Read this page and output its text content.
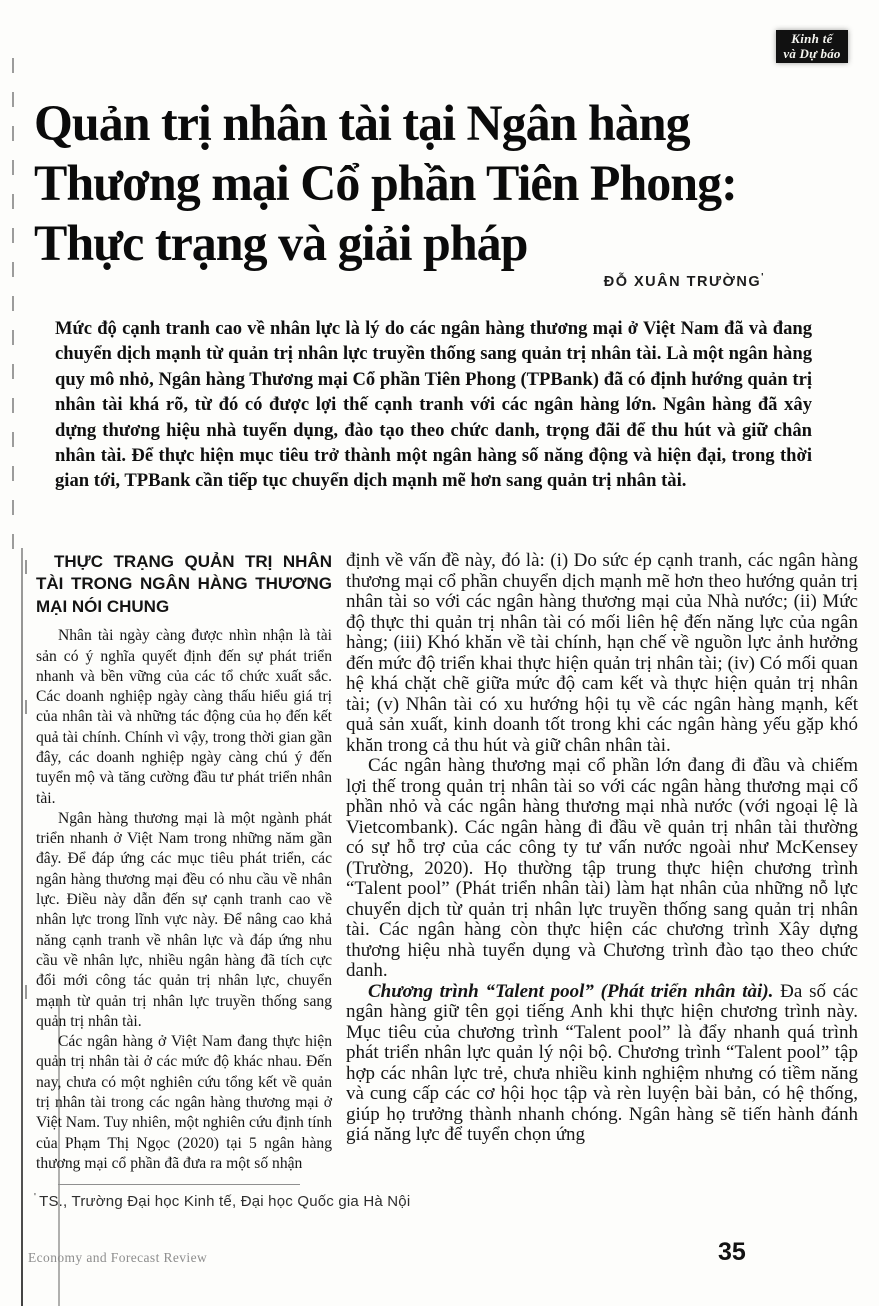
Kinh tế
và Dự báo
Quản trị nhân tài tại Ngân hàng
Thương mại Cổ phần Tiên Phong:
Thực trạng và giải pháp
ĐỖ XUÂN TRƯỜNG'

Mức độ cạnh tranh cao về nhân lực là lý do các ngân hàng thương mại ở Việt Nam đã và đang chuyển dịch mạnh từ quản trị nhân lực truyền thống sang quản trị nhân tài. Là một ngân hàng quy mô nhỏ, Ngân hàng Thương mại Cổ phần Tiên Phong (TPBank) đã có định hướng quản trị nhân tài khá rõ, từ đó có được lợi thế cạnh tranh với các ngân hàng lớn. Ngân hàng đã xây dựng thương hiệu nhà tuyển dụng, đào tạo theo chức danh, trọng đãi để thu hút và giữ chân nhân tài. Để thực hiện mục tiêu trở thành một ngân hàng số năng động và hiện đại, trong thời gian tới, TPBank cần tiếp tục chuyển dịch mạnh mẽ hơn sang quản trị nhân tài.

THỰC TRẠNG QUẢN TRỊ NHÂN TÀI TRONG NGÂN HÀNG THƯƠNG MẠI NÓI CHUNG

Nhân tài ngày càng được nhìn nhận là tài sản có ý nghĩa quyết định đến sự phát triển nhanh và bền vững của các tổ chức xuất sắc. Các doanh nghiệp ngày càng thấu hiểu giá trị của nhân tài và những tác động của họ đến kết quả tài chính. Chính vì vậy, trong thời gian gần đây, các doanh nghiệp ngày càng chú ý đến tuyển mộ và tăng cường đầu tư phát triển nhân tài.

Ngân hàng thương mại là một ngành phát triển nhanh ở Việt Nam trong những năm gần đây. Để đáp ứng các mục tiêu phát triển, các ngân hàng thương mại đều có nhu cầu về nhân lực. Điều này dẫn đến sự cạnh tranh cao về nhân lực trong lĩnh vực này. Để nâng cao khả năng cạnh tranh về nhân lực và đáp ứng nhu cầu về nhân lực, nhiều ngân hàng đã tích cực đổi mới công tác quản trị nhân lực, chuyển mạnh từ quản trị nhân lực truyền thống sang quản trị nhân tài.

Các ngân hàng ở Việt Nam đang thực hiện quản trị nhân tài ở các mức độ khác nhau. Đến nay, chưa có một nghiên cứu tổng kết về quản trị nhân tài trong các ngân hàng thương mại ở Việt Nam. Tuy nhiên, một nghiên cứu định tính của Phạm Thị Ngọc (2020) tại 5 ngân hàng thương mại cổ phần đã đưa ra một số nhận

định về vấn đề này, đó là: (i) Do sức ép cạnh tranh, các ngân hàng thương mại cổ phần chuyển dịch mạnh mẽ hơn theo hướng quản trị nhân tài so với các ngân hàng thương mại của Nhà nước; (ii) Mức độ thực thi quản trị nhân tài có mối liên hệ đến năng lực của ngân hàng; (iii) Khó khăn về tài chính, hạn chế về nguồn lực ảnh hưởng đến mức độ triển khai thực hiện quản trị nhân tài; (iv) Có mối quan hệ khá chặt chẽ giữa mức độ cam kết và thực hiện quản trị nhân tài; (v) Nhân tài có xu hướng hội tụ về các ngân hàng mạnh, kết quả sản xuất, kinh doanh tốt trong khi các ngân hàng yếu gặp khó khăn trong cả thu hút và giữ chân nhân tài.

Các ngân hàng thương mại cổ phần lớn đang đi đầu và chiếm lợi thế trong quản trị nhân tài so với các ngân hàng thương mại cổ phần nhỏ và các ngân hàng thương mại nhà nước (với ngoại lệ là Vietcombank). Các ngân hàng đi đầu về quản trị nhân tài thường có sự hỗ trợ của các công ty tư vấn nước ngoài như McKensey (Trường, 2020). Họ thường tập trung thực hiện chương trình “Talent pool” (Phát triển nhân tài) làm hạt nhân của những nỗ lực chuyển dịch từ quản trị nhân lực truyền thống sang quản trị nhân tài. Các ngân hàng còn thực hiện các chương trình Xây dựng thương hiệu nhà tuyển dụng và Chương trình đào tạo theo chức danh.

Chương trình “Talent pool” (Phát triển nhân tài). Đa số các ngân hàng giữ tên gọi tiếng Anh khi thực hiện chương trình này. Mục tiêu của chương trình “Talent pool” là đẩy nhanh quá trình phát triển nhân lực quản lý nội bộ. Chương trình “Talent pool” tập hợp các nhân lực trẻ, chưa nhiều kinh nghiệm nhưng có tiềm năng và cung cấp các cơ hội học tập và rèn luyện bài bản, có hệ thống, giúp họ trưởng thành nhanh chóng. Ngân hàng sẽ tiến hành đánh giá năng lực để tuyển chọn ứng

' TS., Trường Đại học Kinh tế, Đại học Quốc gia Hà Nội
Economy and Forecast Review	35
